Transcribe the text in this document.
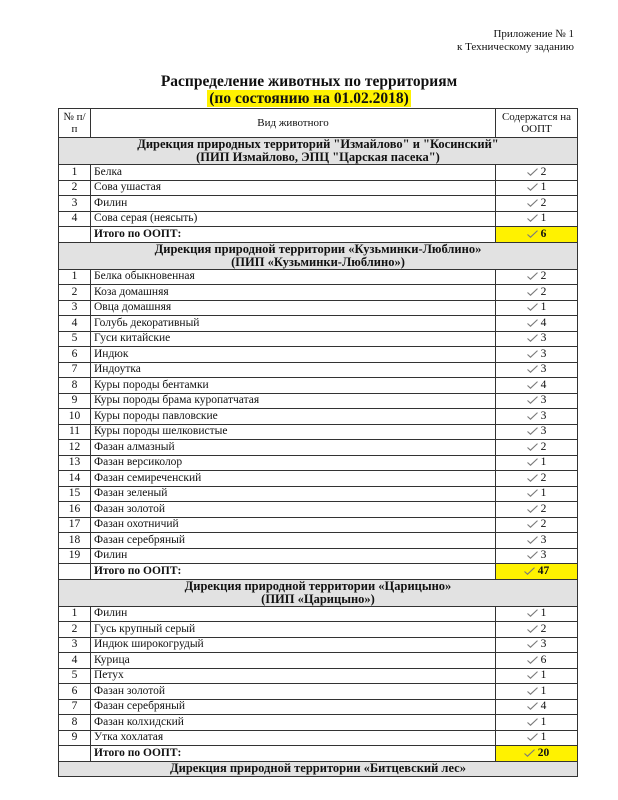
Приложение № 1
к Техническому заданию
Распределение животных по территориям
(по состоянию на 01.02.2018)
№ п/п	Вид животного	Содержатся на ООПТ

Дирекция природных территорий "Измайлово" и "Косинский"
(ПИП Измайлово, ЭПЦ "Царская пасека")		

1	Белка	2
2	Сова ушастая	1
3	Филин	2
4	Сова серая (неясыть)	1
	Итого по ООПТ:	6

Дирекция природной территории «Кузьминки-Люблино»
(ПИП «Кузьминки-Люблино»)		

1	Белка обыкновенная	2
2	Коза домашняя	2
3	Овца домашняя	1
4	Голубь декоративный	4
5	Гуси китайские	3
6	Индюк	3
7	Индоутка	3
8	Куры породы бентамки	4
9	Куры породы брама куропатчатая	3
10	Куры породы павловские	3
11	Куры породы шелковистые	3
12	Фазан алмазный	2
13	Фазан версиколор	1
14	Фазан семиреченский	2
15	Фазан зеленый	1
16	Фазан золотой	2
17	Фазан охотничий	2
18	Фазан серебряный	3
19	Филин	3
	Итого по ООПТ:	47

Дирекция природной территории «Царицыно»
(ПИП «Царицыно»)		

1	Филин	1
2	Гусь крупный серый	2
3	Индюк широкогрудый	3
4	Курица	6
5	Петух	1
6	Фазан золотой	1
7	Фазан серебряный	4
8	Фазан колхидский	1
9	Утка хохлатая	1
	Итого по ООПТ:	20

Дирекция природной территории «Битцевский лес»		
